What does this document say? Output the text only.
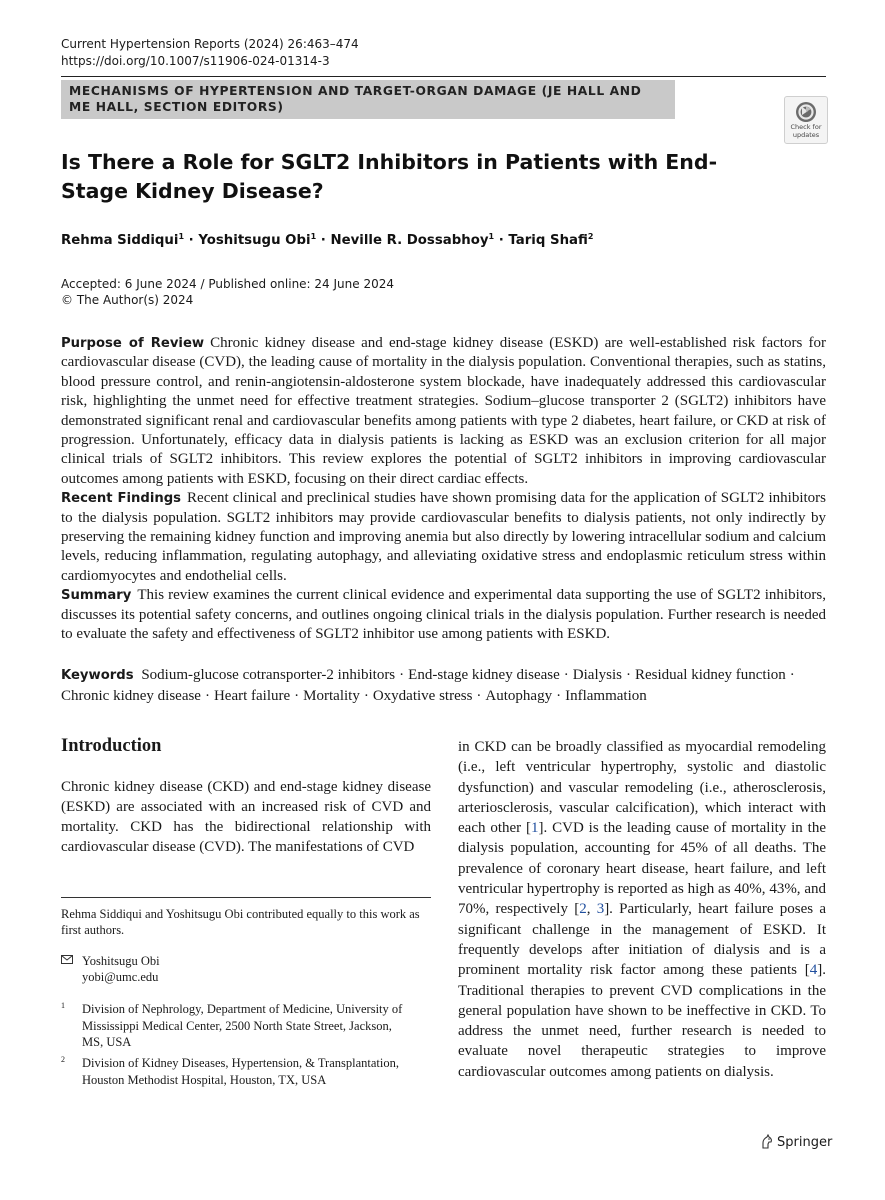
Current Hypertension Reports (2024) 26:463–474
https://doi.org/10.1007/s11906-024-01314-3
MECHANISMS OF HYPERTENSION AND TARGET-ORGAN DAMAGE (JE HALL AND ME HALL, SECTION EDITORS)
Check for
updates
Is There a Role for SGLT2 Inhibitors in Patients with End-Stage Kidney Disease?
Rehma Siddiqui$^1$ · Yoshitsugu Obi$^1$ · Neville R. Dossabhoy$^1$ · Tariq Shafi$^2$
Accepted: 6 June 2024 / Published online: 24 June 2024
© The Author(s) 2024

Purpose of Review Chronic kidney disease and end-stage kidney disease (ESKD) are well-established risk factors for cardiovascular disease (CVD), the leading cause of mortality in the dialysis population. Conventional therapies, such as statins, blood pressure control, and renin-angiotensin-aldosterone system blockade, have inadequately addressed this cardiovascular risk, highlighting the unmet need for effective treatment strategies. Sodium–glucose transporter 2 (SGLT2) inhibitors have demonstrated significant renal and cardiovascular benefits among patients with type 2 diabetes, heart failure, or CKD at risk of progression. Unfortunately, efficacy data in dialysis patients is lacking as ESKD was an exclusion criterion for all major clinical trials of SGLT2 inhibitors. This review explores the potential of SGLT2 inhibitors in improving cardiovascular outcomes among patients with ESKD, focusing on their direct cardiac effects.

Recent Findings Recent clinical and preclinical studies have shown promising data for the application of SGLT2 inhibitors to the dialysis population. SGLT2 inhibitors may provide cardiovascular benefits to dialysis patients, not only indirectly by preserving the remaining kidney function and improving anemia but also directly by lowering intracellular sodium and calcium levels, reducing inflammation, regulating autophagy, and alleviating oxidative stress and endoplasmic reticulum stress within cardiomyocytes and endothelial cells.

Summary This review examines the current clinical evidence and experimental data supporting the use of SGLT2 inhibitors, discusses its potential safety concerns, and outlines ongoing clinical trials in the dialysis population. Further research is needed to evaluate the safety and effectiveness of SGLT2 inhibitor use among patients with ESKD.

Keywords Sodium-glucose cotransporter-2 inhibitors · End-stage kidney disease · Dialysis · Residual kidney function ·
Chronic kidney disease · Heart failure · Mortality · Oxydative stress · Autophagy · Inflammation
Introduction

Chronic kidney disease (CKD) and end-stage kidney disease (ESKD) are associated with an increased risk of CVD and mortality. CKD has the bidirectional relationship with cardiovascular disease (CVD). The manifestations of CVD

in CKD can be broadly classified as myocardial remodeling (i.e., left ventricular hypertrophy, systolic and diastolic dysfunction) and vascular remodeling (i.e., atherosclerosis, arteriosclerosis, vascular calcification), which interact with each other [1]. CVD is the leading cause of mortality in the dialysis population, accounting for 45% of all deaths. The prevalence of coronary heart disease, heart failure, and left ventricular hypertrophy is reported as high as 40%, 43%, and 70%, respectively [2, 3]. Particularly, heart failure poses a significant challenge in the management of ESKD. It frequently develops after initiation of dialysis and is a prominent mortality risk factor among these patients [4]. Traditional therapies to prevent CVD complications in the general population have shown to be ineffective in CKD. To address the unmet need, further research is needed to evaluate novel therapeutic strategies to improve cardiovascular outcomes among patients on dialysis.

Rehma Siddiqui and Yoshitsugu Obi contributed equally to this work as first authors.
Yoshitsugu Obi
yobi@umc.edu
1 Division of Nephrology, Department of Medicine, University of Mississippi Medical Center, 2500 North State Street, Jackson, MS, USA
2 Division of Kidney Diseases, Hypertension, & Transplantation, Houston Methodist Hospital, Houston, TX, USA
Springer
